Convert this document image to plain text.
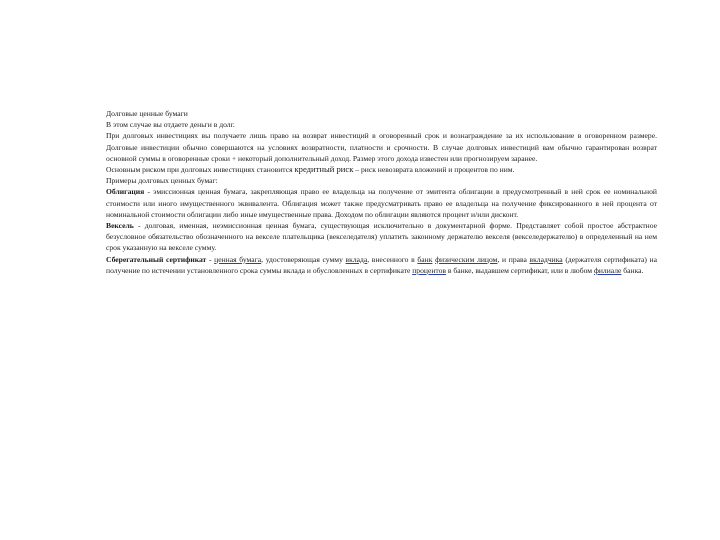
Долговые ценные бумаги

В этом случае вы отдаете деньги в долг.

При долговых инвестициях вы получаете лишь право на возврат инвестиций в оговоренный срок и вознаграждение за их использование в оговоренном размере. Долговые инвестиции обычно совершаются на условиях возвратности, платности и срочности. В случае долговых инвестиций вам обычно гарантирован возврат основной суммы в оговоренные сроки + некоторый дополнительный доход. Размер этого дохода известен или прогнозируем заранее.

Основным риском при долговых инвестициях становится кредитный риск – риск невозврата вложений и процентов по ним.

Примеры долговых ценных бумаг:

Облигация - эмиссионная ценная бумага, закрепляющая право ее владельца на получение от эмитента облигации в предусмотренный в ней срок ее номинальной стоимости или иного имущественного эквивалента. Облигация может также предусматривать право ее владельца на получение фиксированного в ней процента от номинальной стоимости облигации либо иные имущественные права. Доходом по облигации являются процент и/или дисконт.

Вексель - долговая, именная, неэмиссионная ценная бумага, существующая исключительно в документарной форме. Представляет собой простое абстрактное безусловное обязательство обозначенного на векселе плательщика (векселедателя) уплатить законному держателю векселя (векселедержателю) в определенный на нем срок указанную на векселе сумму.

Сберегательный сертификат - ценная бумага, удостоверяющая сумму вклада, внесенного в банк физическим лицом, и права вкладчика (держателя сертификата) на получение по истечении установленного срока суммы вклада и обусловленных в сертификате процентов в банке, выдавшем сертификат, или в любом филиале банка.
